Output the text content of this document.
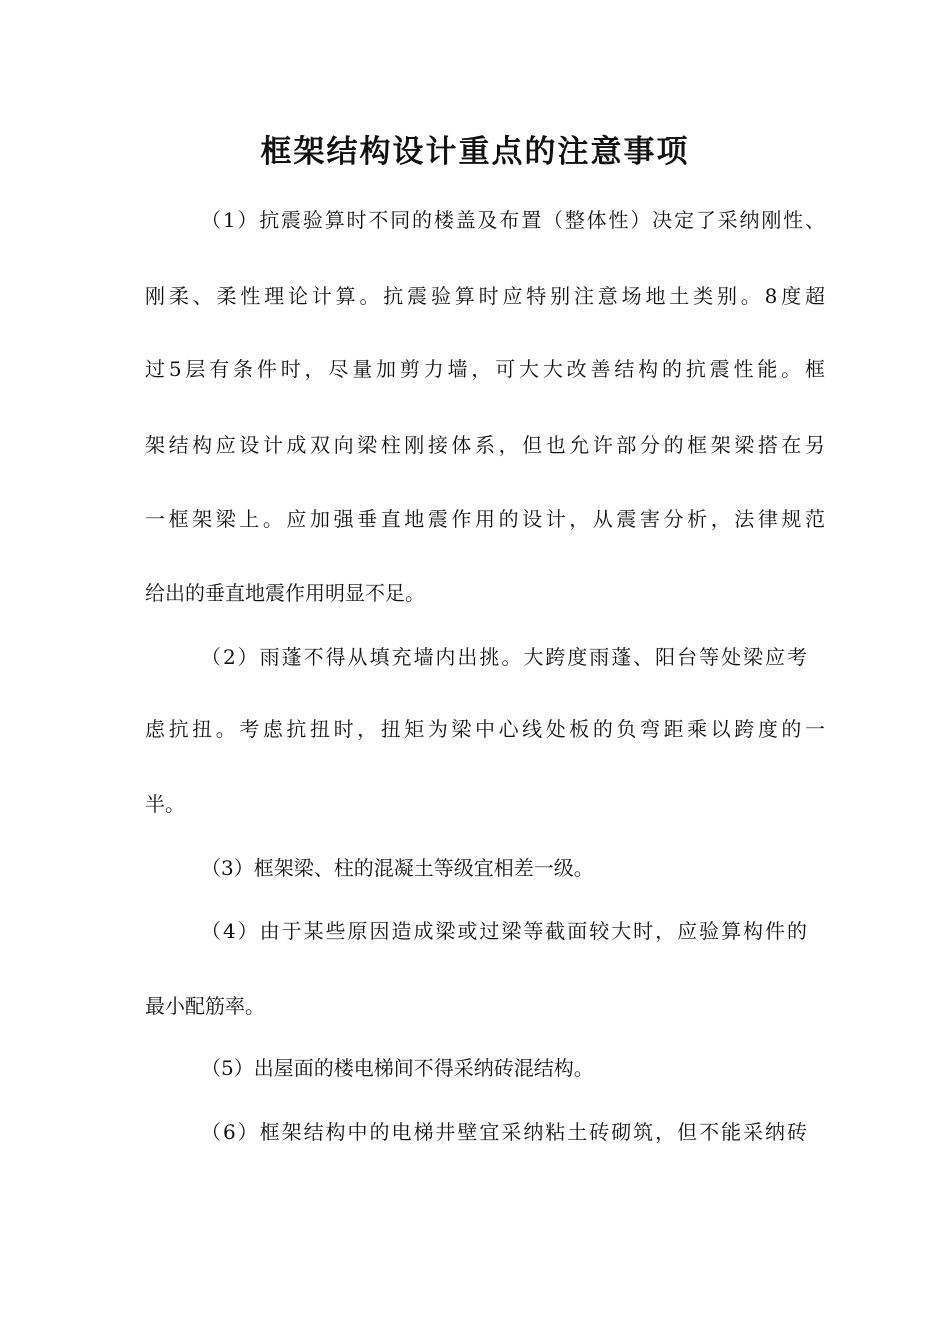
框架结构设计重点的注意事项

（1）抗震验算时不同的楼盖及布置（整体性）决定了采纳刚性、

刚柔、柔性理论计算。抗震验算时应特别注意场地土类别。8度超

过5层有条件时，尽量加剪力墙，可大大改善结构的抗震性能。框

架结构应设计成双向梁柱刚接体系，但也允许部分的框架梁搭在另

一框架梁上。应加强垂直地震作用的设计，从震害分析，法律规范

给出的垂直地震作用明显不足。

（2）雨蓬不得从填充墙内出挑。大跨度雨蓬、阳台等处梁应考

虑抗扭。考虑抗扭时，扭矩为梁中心线处板的负弯距乘以跨度的一

半。

（3）框架梁、柱的混凝土等级宜相差一级。

（4）由于某些原因造成梁或过梁等截面较大时，应验算构件的

最小配筋率。

（5）出屋面的楼电梯间不得采纳砖混结构。

（6）框架结构中的电梯井壁宜采纳粘土砖砌筑，但不能采纳砖
